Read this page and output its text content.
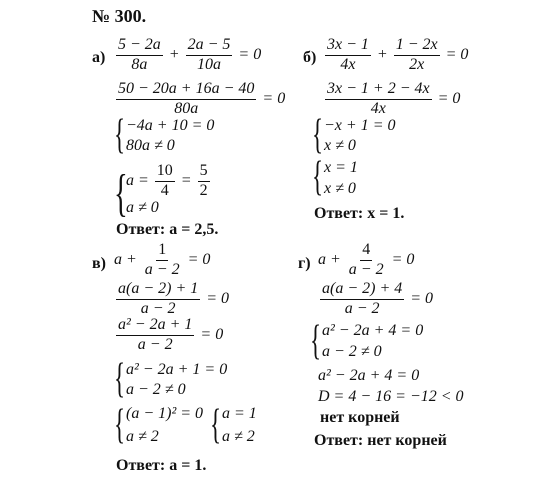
№ 300.
$а) \frac{5 - 2a}{8a} + \frac{2a - 5}{10a} = 0$
$\frac{50 - 20a + 16a - 40}{80a} = 0$
{ −4a + 10 = 0
80a ≠ 0
{
$a = \frac{10}{4} = \frac{5}{2}$
a ≠ 0
Ответ: a = 2,5.
$б) \frac{3x - 1}{4x} + \frac{1 - 2x}{2x} = 0$
$\frac{3x - 1 + 2 - 4x}{4x} = 0$
{ −x + 1 = 0
x ≠ 0
{ x = 1
x ≠ 0
Ответ: x = 1.
в) $a + \frac{1}{a - 2} = 0$
$\frac{a(a - 2) + 1}{a - 2} = 0$
$\frac{\text{a² − 2a + 1}}{a - 2} = 0$
{ a² − 2a + 1 = 0
a − 2 ≠ 0
{ (a − 1)² = 0
a ≠ 2 { a = 1
a ≠ 2
Ответ: a = 1.
г) $a + \frac{4}{a - 2} = 0$
$\frac{a(a - 2) + 4}{a - 2} = 0$
{ a² − 2a + 4 = 0
a − 2 ≠ 0
a² − 2a + 4 = 0
D = 4 − 16 = −12 < 0
нет корней
Ответ: нет корней
